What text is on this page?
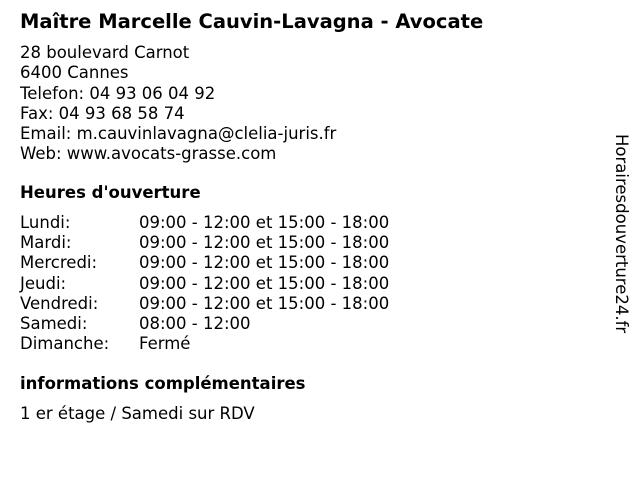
Maître Marcelle Cauvin-Lavagna - Avocate
28 boulevard Carnot
6400 Cannes
Telefon: 04 93 06 04 92
Fax: 04 93 68 58 74
Email: m.cauvinlavagna@clelia-juris.fr
Web: www.avocats-grasse.com
Heures d'ouverture
Lundi:	09:00 - 12:00 et 15:00 - 18:00
Mardi:	09:00 - 12:00 et 15:00 - 18:00
Mercredi:	09:00 - 12:00 et 15:00 - 18:00
Jeudi:	09:00 - 12:00 et 15:00 - 18:00
Vendredi:	09:00 - 12:00 et 15:00 - 18:00
Samedi:	08:00 - 12:00
Dimanche:	Fermé
informations complémentaires
1 er étage / Samedi sur RDV
Horairesdouverture24.fr
